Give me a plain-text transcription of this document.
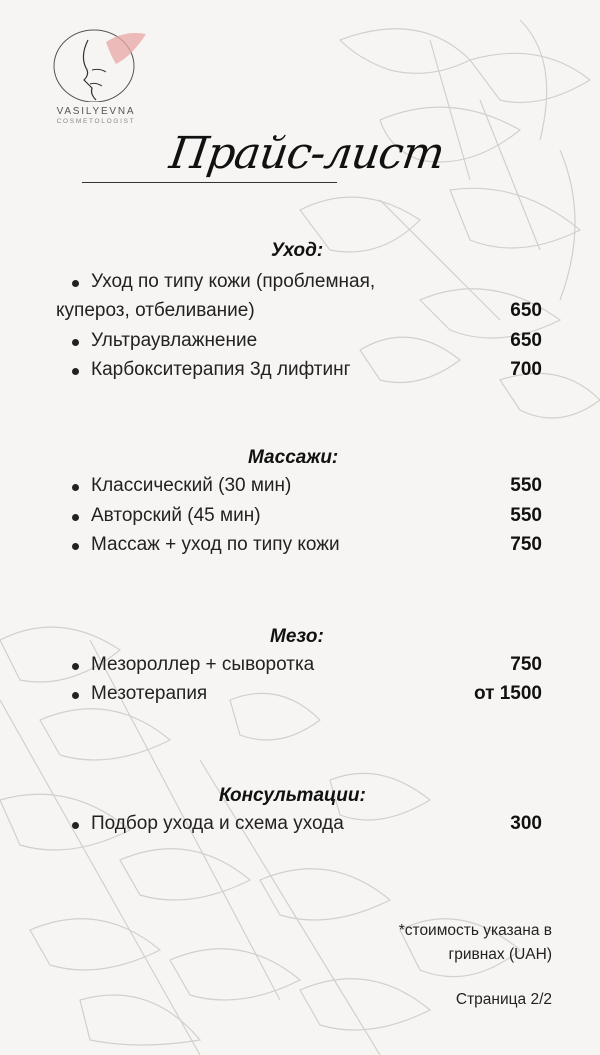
VASILYEVNA
COSMETOLOGIST
Прайс-лист
Уход:
Уход по типу кожи (проблемная,
купероз, отбеливание)	650
Ультраувлажнение	650
Карбокситерапия 3д лифтинг	700
Массажи:
Классический (30 мин)	550
Авторский (45 мин)	550
Массаж + уход по типу кожи	750
Мезо:
Мезороллер + сыворотка	750
Мезотерапия	от 1500
Консультации:
Подбор ухода и схема ухода	300
*стоимость указана в
гривнах (UAH)
Страница 2/2
